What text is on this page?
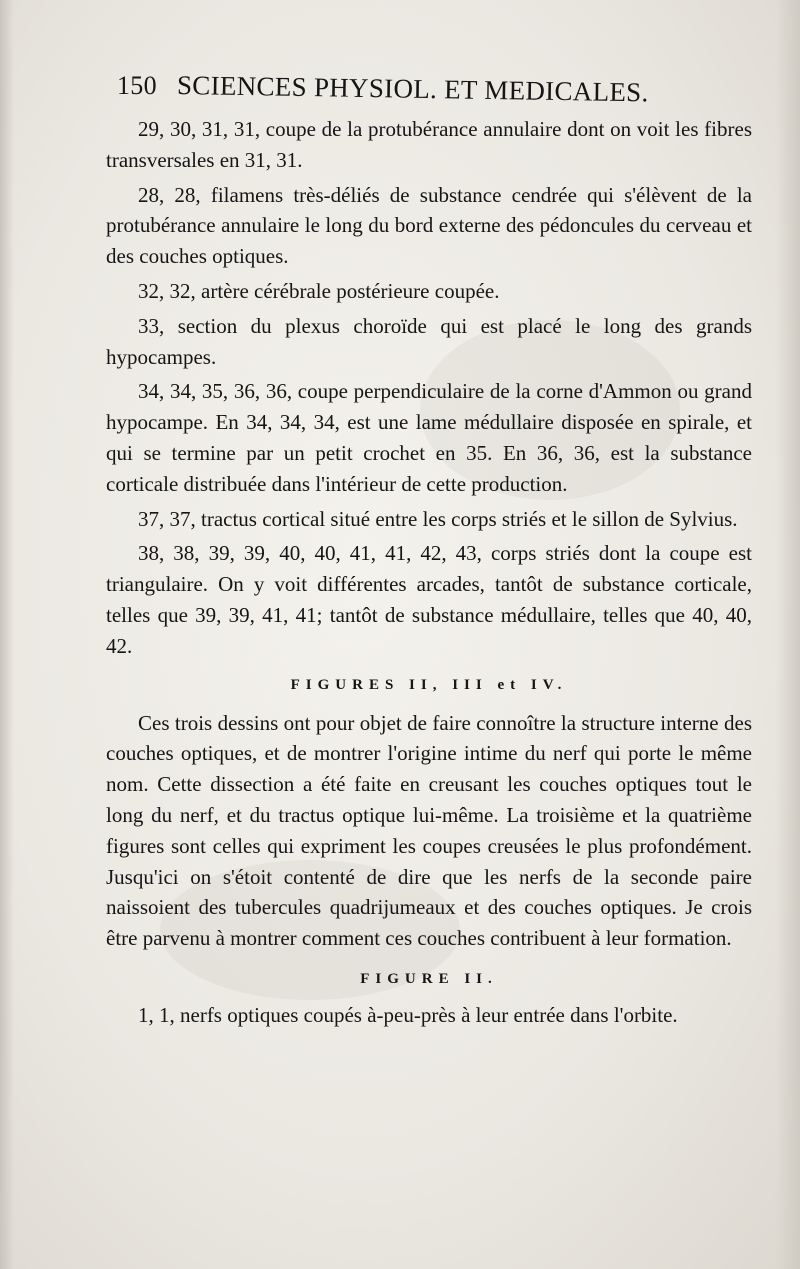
150 SCIENCES PHYSIOL. ET MEDICALES.

29, 30, 31, 31, coupe de la protubérance annulaire dont on voit les fibres transversales en 31, 31.

28, 28, filamens très-déliés de substance cendrée qui s'élèvent de la protubérance annulaire le long du bord externe des pédoncules du cerveau et des couches optiques.

32, 32, artère cérébrale postérieure coupée.

33, section du plexus choroïde qui est placé le long des grands hypocampes.

34, 34, 35, 36, 36, coupe perpendiculaire de la corne d'Ammon ou grand hypocampe. En 34, 34, 34, est une lame médullaire disposée en spirale, et qui se termine par un petit crochet en 35. En 36, 36, est la substance corticale distribuée dans l'intérieur de cette production.

37, 37, tractus cortical situé entre les corps striés et le sillon de Sylvius.

38, 38, 39, 39, 40, 40, 41, 41, 42, 43, corps striés dont la coupe est triangulaire. On y voit différentes arcades, tantôt de substance corticale, telles que 39, 39, 41, 41; tantôt de substance médullaire, telles que 40, 40, 42.

FIGURES II, III et IV.

Ces trois dessins ont pour objet de faire connoître la structure interne des couches optiques, et de montrer l'origine intime du nerf qui porte le même nom. Cette dissection a été faite en creusant les couches optiques tout le long du nerf, et du tractus optique lui-même. La troisième et la quatrième figures sont celles qui expriment les coupes creusées le plus profondément. Jusqu'ici on s'étoit contenté de dire que les nerfs de la seconde paire naissoient des tubercules quadrijumeaux et des couches optiques. Je crois être parvenu à montrer comment ces couches contribuent à leur formation.

FIGURE II.

1, 1, nerfs optiques coupés à-peu-près à leur entrée dans l'orbite.
